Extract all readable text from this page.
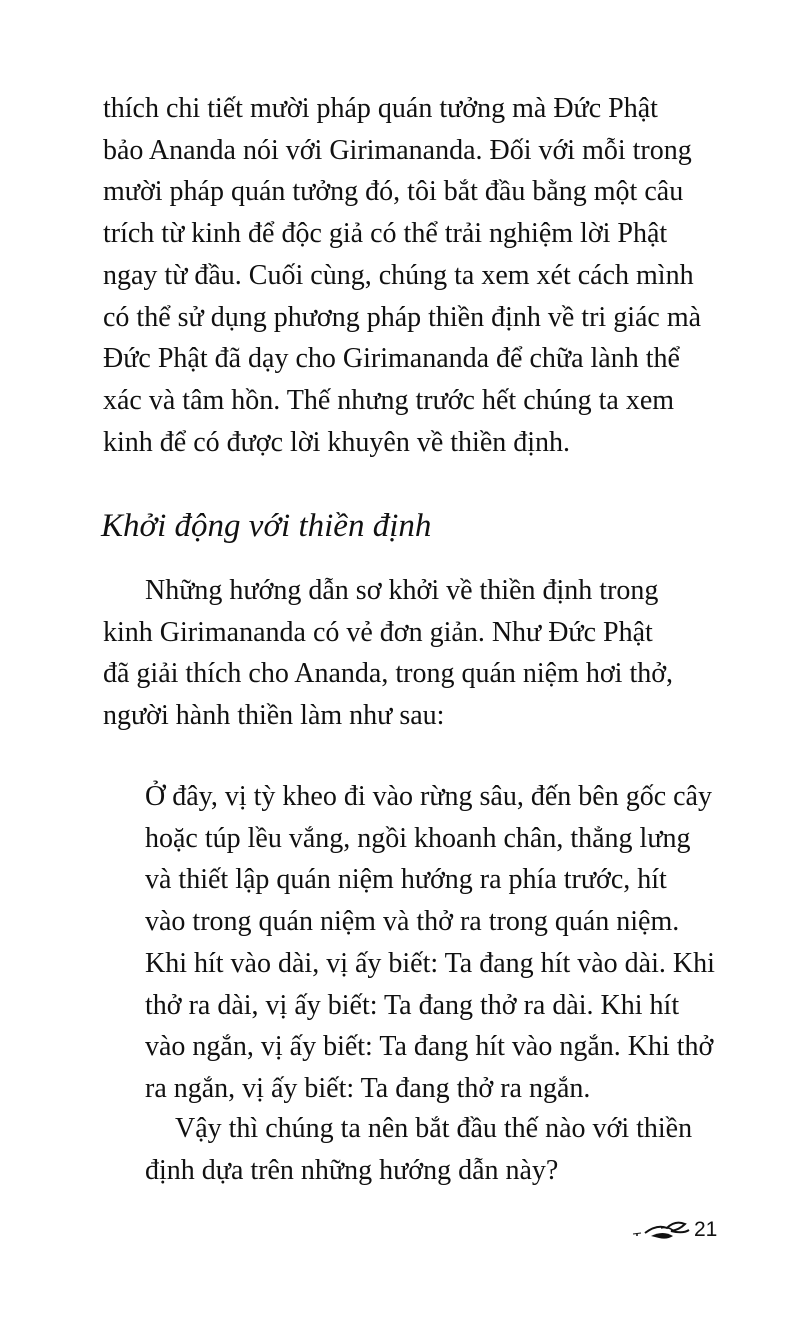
thích chi tiết mười pháp quán tưởng mà Đức Phật
bảo Ananda nói với Girimananda. Đối với mỗi trong
mười pháp quán tưởng đó, tôi bắt đầu bằng một câu
trích từ kinh để độc giả có thể trải nghiệm lời Phật
ngay từ đầu. Cuối cùng, chúng ta xem xét cách mình
có thể sử dụng phương pháp thiền định về tri giác mà
Đức Phật đã dạy cho Girimananda để chữa lành thể
xác và tâm hồn. Thế nhưng trước hết chúng ta xem
kinh để có được lời khuyên về thiền định.

Khởi động với thiền định

Những hướng dẫn sơ khởi về thiền định trong
kinh Girimananda có vẻ đơn giản. Như Đức Phật
đã giải thích cho Ananda, trong quán niệm hơi thở,
người hành thiền làm như sau:

Ở đây, vị tỳ kheo đi vào rừng sâu, đến bên gốc cây
hoặc túp lều vắng, ngồi khoanh chân, thẳng lưng
và thiết lập quán niệm hướng ra phía trước, hít
vào trong quán niệm và thở ra trong quán niệm.
Khi hít vào dài, vị ấy biết: Ta đang hít vào dài. Khi
thở ra dài, vị ấy biết: Ta đang thở ra dài. Khi hít
vào ngắn, vị ấy biết: Ta đang hít vào ngắn. Khi thở
ra ngắn, vị ấy biết: Ta đang thở ra ngắn.

Vậy thì chúng ta nên bắt đầu thế nào với thiền
định dựa trên những hướng dẫn này?

21
